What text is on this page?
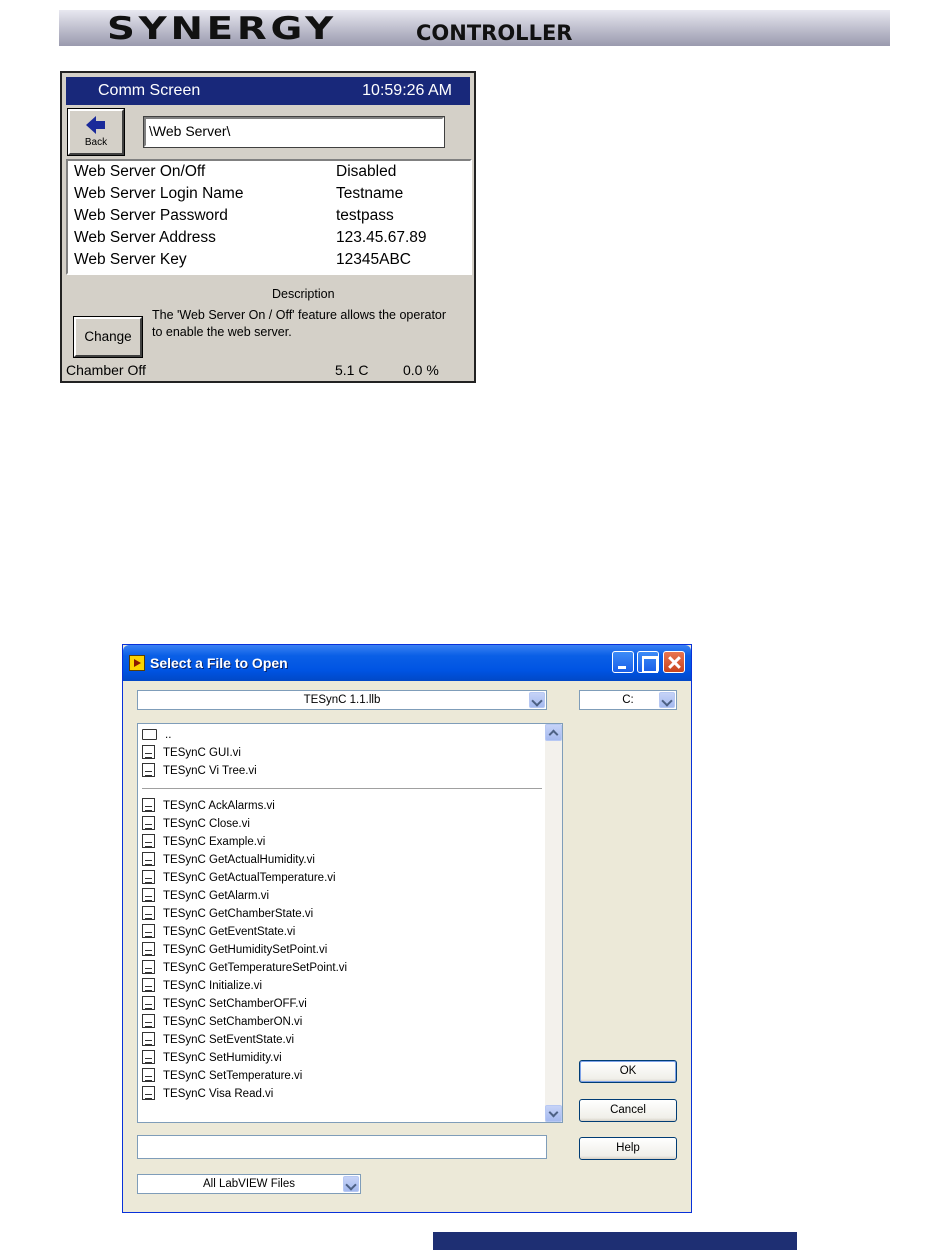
SYNERGY	CONTROLLER
Comm Screen	10:59:26 AM
Back
\Web Server\
Web Server On/Off	Disabled
Web Server Login Name	Testname
Web Server Password	testpass
Web Server Address	123.45.67.89
Web Server Key	12345ABC
Description
The 'Web Server On / Off' feature allows the operator to enable the web server.
Change
Chamber Off	5.1 C 0.0 %
Select a File to Open
TESynC 1.1.llb	C:
..
TESynC GUI.vi
TESynC Vi Tree.vi
TESynC AckAlarms.vi
TESynC Close.vi
TESynC Example.vi
TESynC GetActualHumidity.vi
TESynC GetActualTemperature.vi
TESynC GetAlarm.vi
TESynC GetChamberState.vi
TESynC GetEventState.vi
TESynC GetHumiditySetPoint.vi
TESynC GetTemperatureSetPoint.vi
TESynC Initialize.vi
TESynC SetChamberOFF.vi
TESynC SetChamberON.vi
TESynC SetEventState.vi
TESynC SetHumidity.vi
TESynC SetTemperature.vi
TESynC Visa Read.vi
All LabVIEW Files
OK
Cancel
Help
